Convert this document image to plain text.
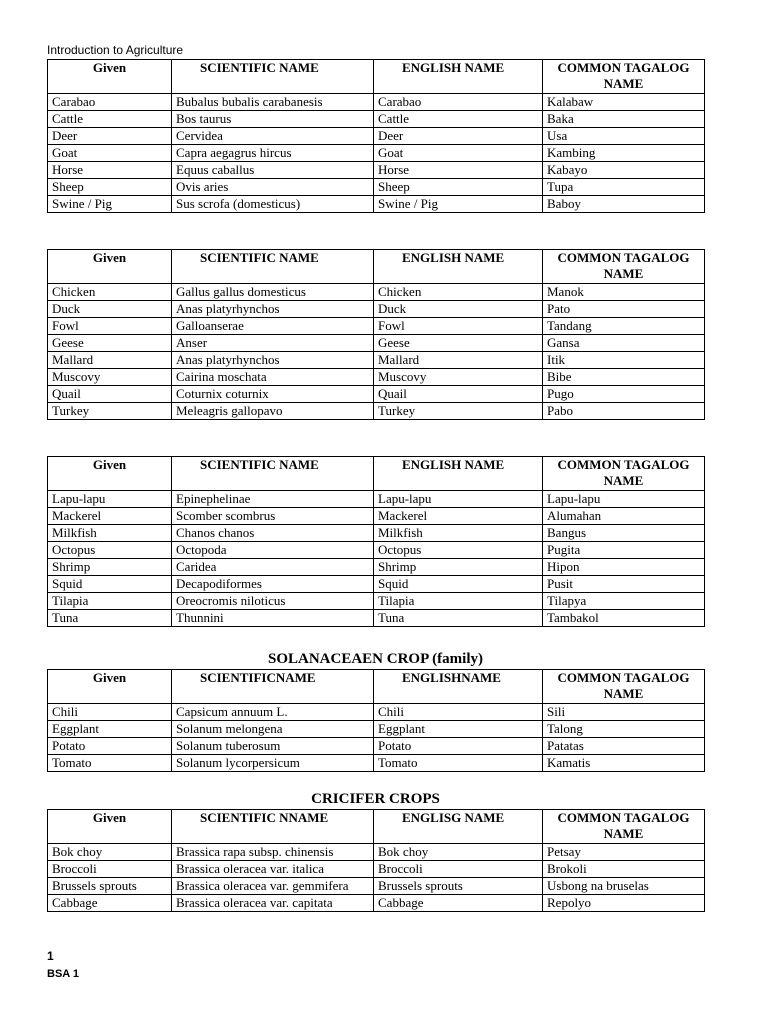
Introduction to Agriculture
Given	SCIENTIFIC NAME	ENGLISH NAME	COMMON TAGALOG NAME
Carabao	Bubalus bubalis carabanesis	Carabao	Kalabaw
Cattle	Bos taurus	Cattle	Baka
Deer	Cervidea	Deer	Usa
Goat	Capra aegagrus hircus	Goat	Kambing
Horse	Equus caballus	Horse	Kabayo
Sheep	Ovis aries	Sheep	Tupa
Swine / Pig	Sus scrofa (domesticus)	Swine / Pig	Baboy
Given	SCIENTIFIC NAME	ENGLISH NAME	COMMON TAGALOG NAME
Chicken	Gallus gallus domesticus	Chicken	Manok
Duck	Anas platyrhynchos	Duck	Pato
Fowl	Galloanserae	Fowl	Tandang
Geese	Anser	Geese	Gansa
Mallard	Anas platyrhynchos	Mallard	Itik
Muscovy	Cairina moschata	Muscovy	Bibe
Quail	Coturnix coturnix	Quail	Pugo
Turkey	Meleagris gallopavo	Turkey	Pabo
Given	SCIENTIFIC NAME	ENGLISH NAME	COMMON TAGALOG NAME
Lapu-lapu	Epinephelinae	Lapu-lapu	Lapu-lapu
Mackerel	Scomber scombrus	Mackerel	Alumahan
Milkfish	Chanos chanos	Milkfish	Bangus
Octopus	Octopoda	Octopus	Pugita
Shrimp	Caridea	Shrimp	Hipon
Squid	Decapodiformes	Squid	Pusit
Tilapia	Oreocromis niloticus	Tilapia	Tilapya
Tuna	Thunnini	Tuna	Tambakol
SOLANACEAEN CROP (family)
Given	SCIENTIFICNAME	ENGLISHNAME	COMMON TAGALOG NAME
Chili	Capsicum annuum L.	Chili	Sili
Eggplant	Solanum melongena	Eggplant	Talong
Potato	Solanum tuberosum	Potato	Patatas
Tomato	Solanum lycorpersicum	Tomato	Kamatis
CRICIFER CROPS
Given	SCIENTIFIC NNAME	ENGLISG NAME	COMMON TAGALOG NAME
Bok choy	Brassica rapa subsp. chinensis	Bok choy	Petsay
Broccoli	Brassica oleracea var. italica	Broccoli	Brokoli
Brussels sprouts	Brassica oleracea var. gemmifera	Brussels sprouts	Usbong na bruselas
Cabbage	Brassica oleracea var. capitata	Cabbage	Repolyo
1
BSA 1
